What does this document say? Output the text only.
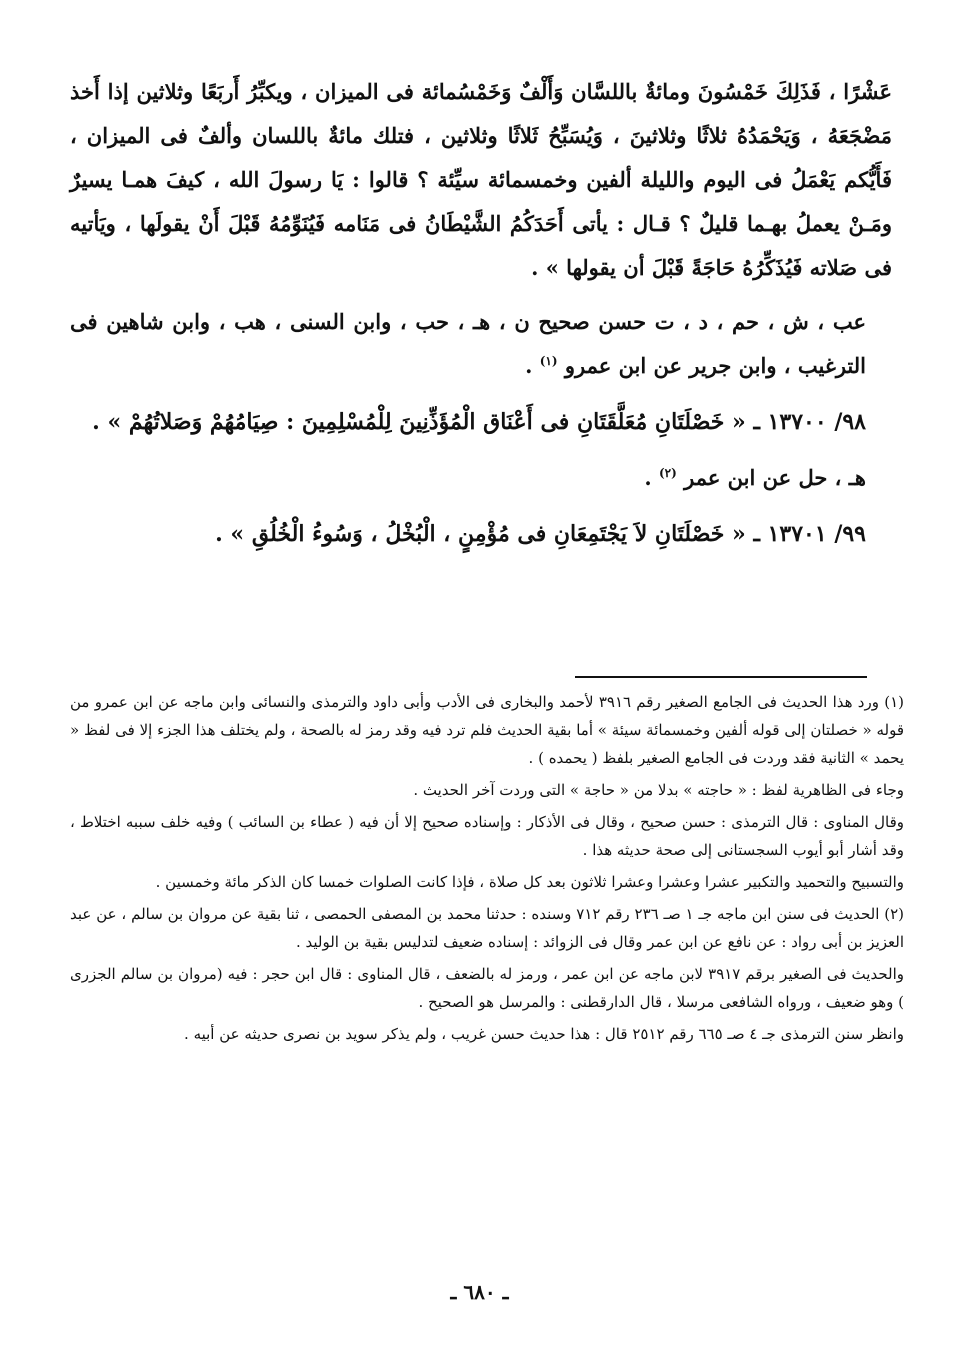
عَشْرًا ، فَذَلِكَ خَمْسُونَ ومائةٌ باللسَّان وَأَلْفٌ وَخَمْسُمائة فى الميزان ، ويكبِّرُ أَربَعًا وثلاثين إذا أَخذ مَضْجَعَهُ ، وَيَحْمَدُهُ ثلاثًا وثلاثينَ ، وَيُسَبِّحُ ثَلاثًا وثلاثين ، فتلك مائةٌ باللسان وألفٌ فى الميزان ، فَأَيُّكم يَعْمَلُ فى اليوم والليلة ألفين وخمسمائة سيِّئة ؟ قالوا : يَا رسولَ الله ، كيفَ همـا يسيرٌ ومَـنْ يعملُ بهـما قليلٌ ؟ قـال : يأتى أَحَدَكُمُ الشَّيْطَانُ فى مَنَامه فَيُنَوِّمُهُ قَبْلَ أَنْ يقولَها ، ويَأتيه فى صَلاته فَيُذَكِّرُهُ حَاجَةً قَبْلَ أن يقولها » .

عب ، ش ، حم ، د ، ت حسن صحيح ن ، هـ ، حب ، وابن السنى ، هب ، وابن شاهين فى الترغيب ، وابن جرير عن ابن عمرو $^{(١)}$ .

٩٨/ ١٣٧٠٠ ـ « خَصْلَتَانِ مُعَلَّقَتَانِ فى أَعْنَاق الْمُؤَذِّنِينَ لِلْمُسْلِمِينَ : صِيَامُهُمْ وَصَلاتُهُمْ » .

هـ ، حل عن ابن عمر $^{(٢)}$ .

٩٩/ ١٣٧٠١ ـ « خَصْلَتَانِ لاَ يَجْتَمِعَانِ فى مُؤْمِنٍ ، الْبُخْلُ ، وَسُوءُ الْخُلُقِ » .

(١) ورد هذا الحديث فى الجامع الصغير رقم ٣٩١٦ لأحمد والبخارى فى الأدب وأبى داود والترمذى والنسائى وابن ماجه عن ابن عمرو من قوله « خصلتان إلى قوله ألفين وخمسمائة سيئة » أما بقية الحديث فلم ترد فيه وقد رمز له بالصحة ، ولم يختلف هذا الجزء إلا فى لفظ « يحمد » الثانية فقد وردت فى الجامع الصغير بلفظ ( يحمده ) .

وجاء فى الظاهرية لفظ : « حاجته » بدلا من « حاجة » التى وردت آخر الحديث .

وقال المناوى : قال الترمذى : حسن صحيح ، وقال فى الأذكار : وإسناده صحيح إلا أن فيه ( عطاء بن السائب ) وفيه خلف سببه اختلاط ، وقد أشار أبو أيوب السجستانى إلى صحة حديثه هذا .

والتسبيح والتحميد والتكبير عشرا وعشرا وعشرا ثلاثون بعد كل صلاة ، فإذا كانت الصلوات خمسا كان الذكر مائة وخمسين .

(٢) الحديث فى سنن ابن ماجه جـ ١ صـ ٢٣٦ رقم ٧١٢ وسنده : حدثنا محمد بن المصفى الحمصى ، ثنا بقية عن مروان بن سالم ، عن عبد العزيز بن أبى رواد : عن نافع عن ابن عمر وقال فى الزوائد : إسناده ضعيف لتدليس بقية بن الوليد .

والحديث فى الصغير برقم ٣٩١٧ لابن ماجه عن ابن عمر ، ورمز له بالضعف ، قال المناوى : قال ابن حجر : فيه (مروان بن سالم الجزرى ) وهو ضعيف ، ورواه الشافعى مرسلا ، قال الدارقطنى : والمرسل هو الصحيح .

وانظر سنن الترمذى جـ ٤ صـ ٦٦٥ رقم ٢٥١٢ قال : هذا حديث حسن غريب ، ولم يذكر سويد بن نصرى حديثه عن أبيه .

ـ ٦٨٠ ـ
